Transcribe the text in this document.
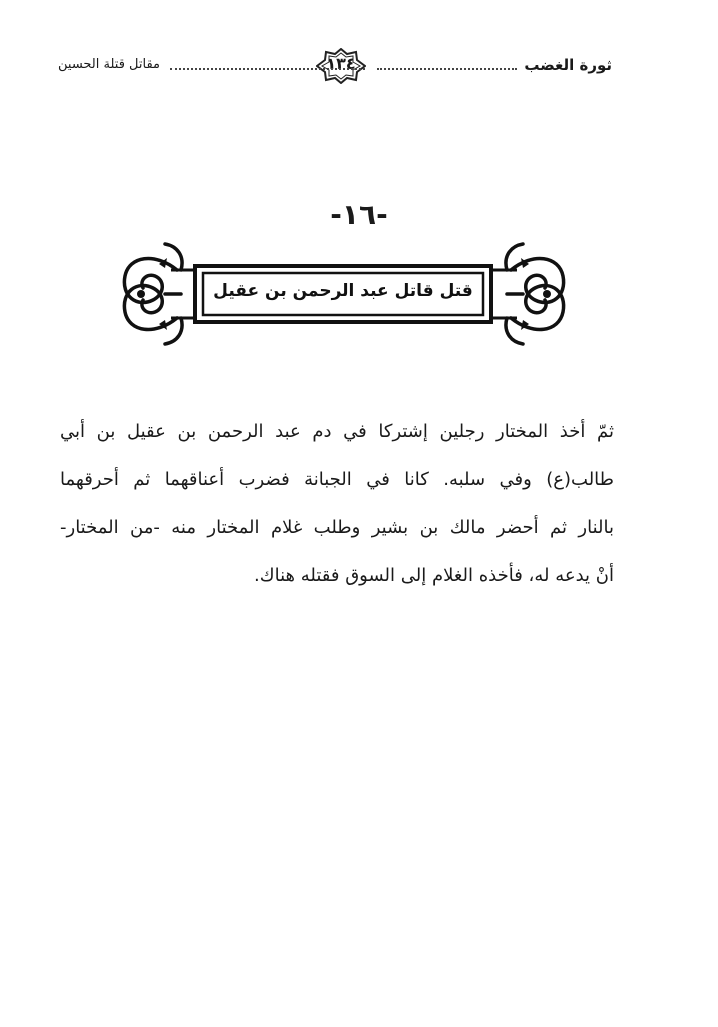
ثورة الغضب
١٣٤
مقاتل قتلة الحسين
-١٦-
قتل قاتل عبد الرحمن بن عقيل
ثمّ أخذ المختار رجلين إشتركا في دم عبد الرحمن بن عقيل بن أبي
طالب(ع) وفي سلبه. كانا في الجبانة فضرب أعناقهما ثم أحرقهما
بالنار ثم أحضر مالك بن بشير وطلب غلام المختار منه -من المختار-
أنْ يدعه له، فأخذه الغلام إلى السوق فقتله هناك.
